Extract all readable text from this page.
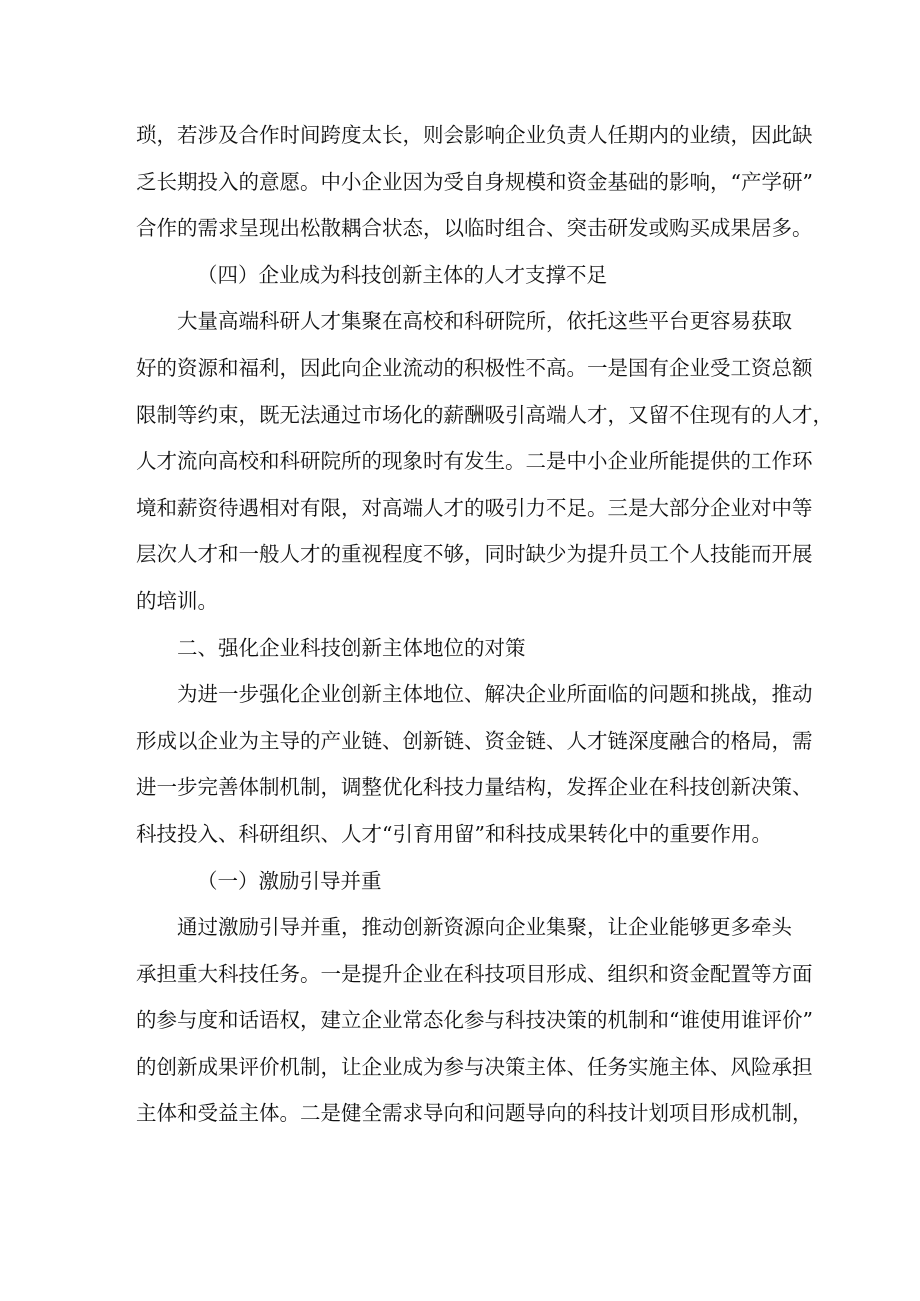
琐，若涉及合作时间跨度太长，则会影响企业负责人任期内的业绩，因此缺
乏长期投入的意愿。中小企业因为受自身规模和资金基础的影响，“产学研”
合作的需求呈现出松散耦合状态，以临时组合、突击研发或购买成果居多。
（四）企业成为科技创新主体的人才支撑不足
大量高端科研人才集聚在高校和科研院所，依托这些平台更容易获取
好的资源和福利，因此向企业流动的积极性不高。一是国有企业受工资总额
限制等约束，既无法通过市场化的薪酬吸引高端人才，又留不住现有的人才，
人才流向高校和科研院所的现象时有发生。二是中小企业所能提供的工作环
境和薪资待遇相对有限，对高端人才的吸引力不足。三是大部分企业对中等
层次人才和一般人才的重视程度不够，同时缺少为提升员工个人技能而开展
的培训。
二、强化企业科技创新主体地位的对策
为进一步强化企业创新主体地位、解决企业所面临的问题和挑战，推动
形成以企业为主导的产业链、创新链、资金链、人才链深度融合的格局，需
进一步完善体制机制，调整优化科技力量结构，发挥企业在科技创新决策、
科技投入、科研组织、人才“引育用留”和科技成果转化中的重要作用。
（一）激励引导并重
通过激励引导并重，推动创新资源向企业集聚，让企业能够更多牵头
承担重大科技任务。一是提升企业在科技项目形成、组织和资金配置等方面
的参与度和话语权，建立企业常态化参与科技决策的机制和“谁使用谁评价”
的创新成果评价机制，让企业成为参与决策主体、任务实施主体、风险承担
主体和受益主体。二是健全需求导向和问题导向的科技计划项目形成机制，
